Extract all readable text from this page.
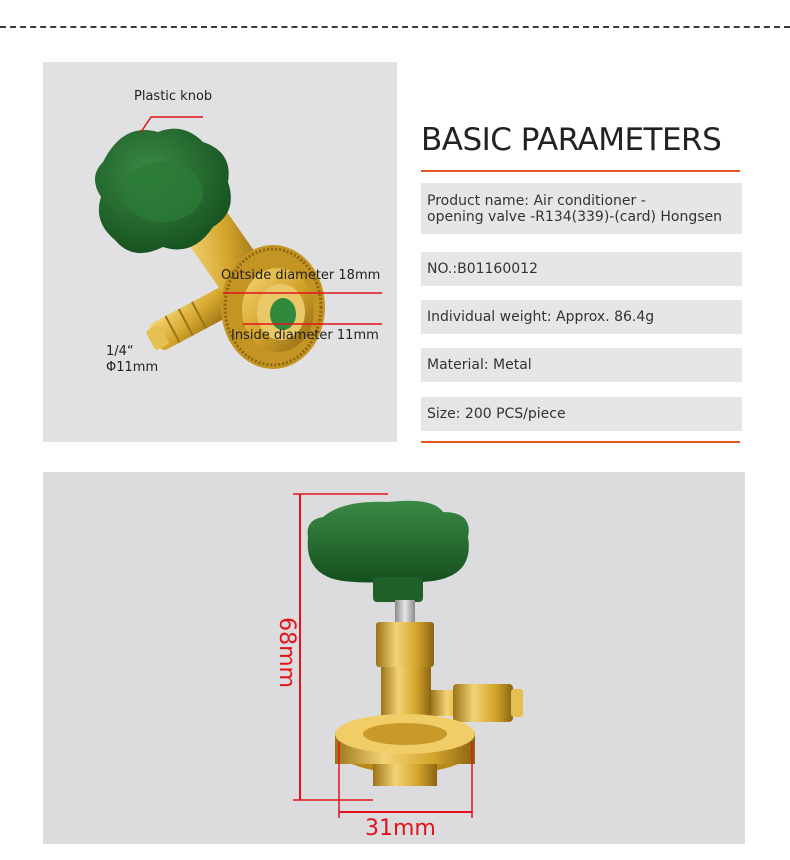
Plastic knob
Outside diameter 18mm
Inside diameter 11mm
1/4“
Φ11mm
BASIC PARAMETERS
Product name: Air conditioner -
opening valve -R134(339)-(card) Hongsen
NO.:B01160012
Individual weight: Approx. 86.4g
Material: Metal
Size: 200 PCS/piece
68mm
31mm
